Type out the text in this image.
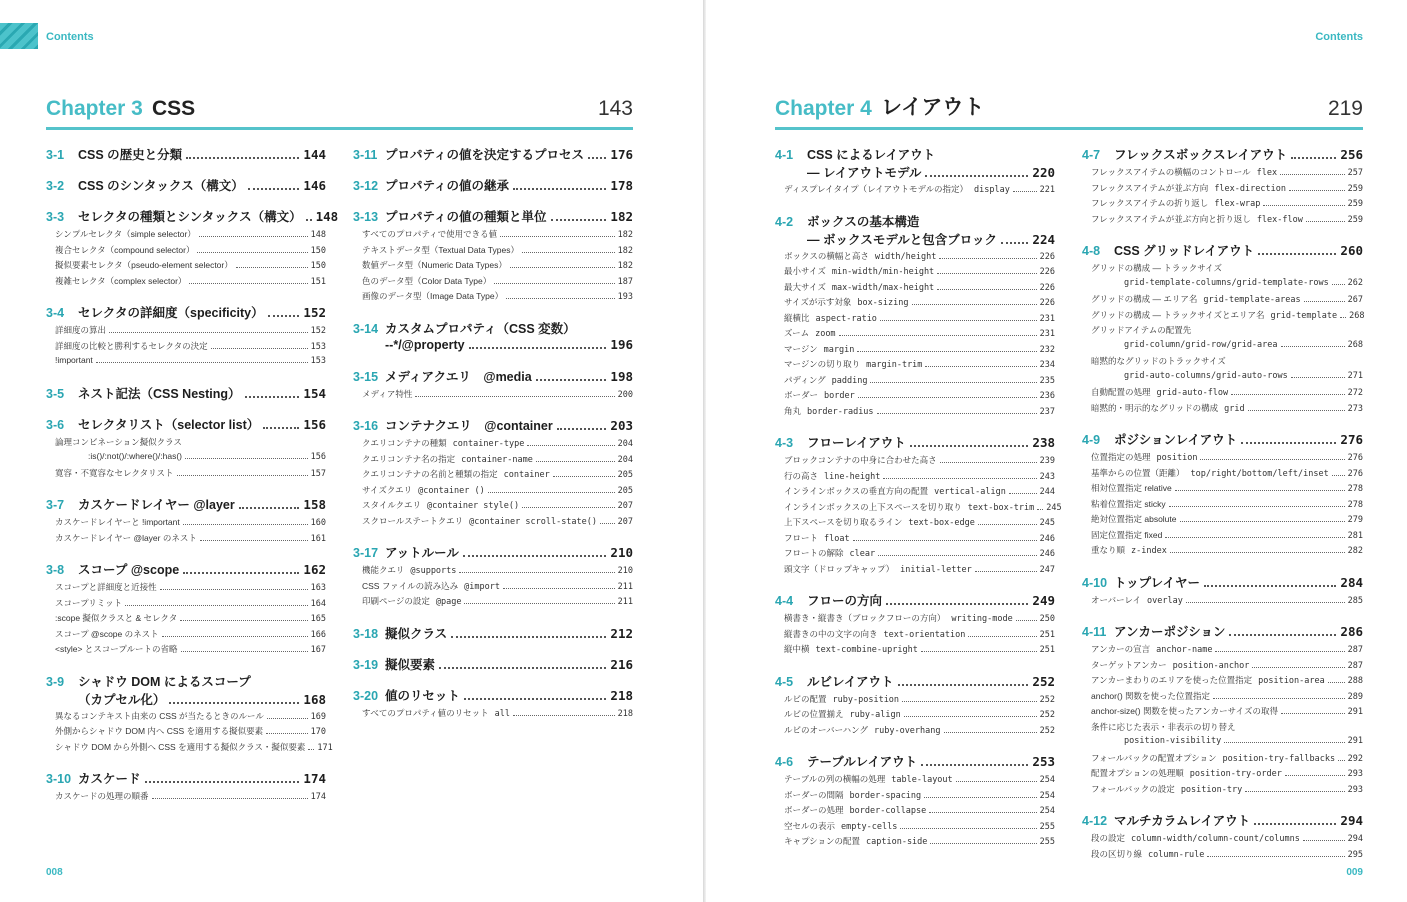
Contents
Chapter 3 CSS	143
3-1	CSS の歴史と分類	144
3-2	CSS のシンタックス（構文）	146
3-3	セレクタの種類とシンタックス（構文） 148
シンプルセレクタ（simple selector）	148
複合セレクタ（compound selector）	150
擬似要素セレクタ（pseudo-element selector）	150
複雑セレクタ（complex selector）	151
3-4	セレクタの詳細度（specificity）	152
詳細度の算出	152
詳細度の比較と勝利するセレクタの決定	153
!important	153
3-5	ネスト記法（CSS Nesting）	154
3-6	セレクタリスト（selector list）	156
論理コンビネーション擬似クラス
:is()/:not()/:where()/:has()	156
寛容・不寛容なセレクタリスト	157
3-7	カスケードレイヤー @layer	158
カスケードレイヤーと !important	160
カスケードレイヤー @layer のネスト	161
3-8	スコープ @scope	162
スコープと詳細度と近接性	163
スコープリミット	164
:scope 擬似クラスと & セレクタ	165
スコープ @scope のネスト	166
<style> とスコープルートの省略	167
3-9	シャドウ DOM によるスコープ
（カプセル化）	168
異なるコンテキスト由来の CSS が当たるときのルール	169
外側からシャドウ DOM 内へ CSS を適用する擬似要素	170
シャドウ DOM から外側へ CSS を適用する擬似クラス・擬似要素 171
3-10 カスケード	174
カスケードの処理の順番	174
3-11 プロパティの値を決定するプロセス 176
3-12 プロパティの値の継承	178
3-13 プロパティの値の種類と単位	182
すべてのプロパティで使用できる値	182
テキストデータ型（Textual Data Types）	182
数値データ型（Numeric Data Types）	182
色のデータ型（Color Data Type）	187
画像のデータ型（Image Data Type）	193
3-14 カスタムプロパティ（CSS 変数）
--*/@property	196
3-15 メディアクエリ　@media	198
メディア特性	200
3-16 コンテナクエリ　@container	203
クエリコンテナの種類 container-type	204
クエリコンテナ名の指定 container-name	204
クエリコンテナの名前と種類の指定 container	205
サイズクエリ @container ()	205
スタイルクエリ @container style()	207
スクロールステートクエリ @container scroll-state() 207
3-17 アットルール	210
機能クエリ @supports	210
CSS ファイルの読み込み @import	211
印刷ページの設定 @page	211
3-18 擬似クラス	212
3-19 擬似要素	216
3-20 値のリセット	218
すべてのプロパティ値のリセット all	218
008
Contents
Chapter 4 レイアウト	219
4-1	CSS によるレイアウト
― レイアウトモデル	220
ディスプレイタイプ（レイアウトモデルの指定） display	221
4-2	ボックスの基本構造
― ボックスモデルと包含ブロック	224
ボックスの横幅と高さ width/height	226
最小サイズ min-width/min-height	226
最大サイズ max-width/max-height	226
サイズが示す対象 box-sizing	226
縦横比 aspect-ratio	231
ズーム zoom	231
マージン margin	232
マージンの切り取り margin-trim	234
パディング padding	235
ボーダー border	236
角丸 border-radius	237
4-3	フローレイアウト	238
ブロックコンテナの中身に合わせた高さ	239
行の高さ line-height	243
インラインボックスの垂直方向の配置 vertical-align	244
インラインボックスの上下スペースを切り取り text-box-trim 245
上下スペースを切り取るライン text-box-edge	245
フロート float	246
フロートの解除 clear	246
頭文字（ドロップキャップ） initial-letter	247
4-4	フローの方向	249
横書き・縦書き（ブロックフローの方向） writing-mode	250
縦書きの中の文字の向き text-orientation	251
縦中横 text-combine-upright	251
4-5	ルビレイアウト	252
ルビの配置 ruby-position	252
ルビの位置揃え ruby-align	252
ルビのオーバーハング ruby-overhang	252
4-6	テーブルレイアウト	253
テーブルの列の横幅の処理 table-layout	254
ボーダーの間隔 border-spacing	254
ボーダーの処理 border-collapse	254
空セルの表示 empty-cells	255
キャプションの配置 caption-side	255
4-7	フレックスボックスレイアウト	256
フレックスアイテムの横幅のコントロール flex	257
フレックスアイテムが並ぶ方向 flex-direction	259
フレックスアイテムの折り返し flex-wrap	259
フレックスアイテムが並ぶ方向と折り返し flex-flow	259
4-8	CSS グリッドレイアウト	260
グリッドの構成 ― トラックサイズ
grid-template-columns/grid-template-rows 262
グリッドの構成 ― エリア名 grid-template-areas	267
グリッドの構成 ― トラックサイズとエリア名 grid-template 268
グリッドアイテムの配置先
grid-column/grid-row/grid-area	268
暗黙的なグリッドのトラックサイズ
grid-auto-columns/grid-auto-rows	271
自動配置の処理 grid-auto-flow	272
暗黙的・明示的なグリッドの構成 grid	273
4-9	ポジションレイアウト	276
位置指定の処理 position	276
基準からの位置（距離） top/right/bottom/left/inset 276
相対位置指定 relative	278
粘着位置指定 sticky	278
絶対位置指定 absolute	279
固定位置指定 fixed	281
重なり順 z-index	282
4-10 トップレイヤー	284
オーバーレイ overlay	285
4-11 アンカーポジション	286
アンカーの宣言 anchor-name	287
ターゲットアンカー position-anchor	287
アンカーまわりのエリアを使った位置指定 position-area	288
anchor() 関数を使った位置指定	289
anchor-size() 関数を使ったアンカーサイズの取得	291
条件に応じた表示・非表示の切り替え
position-visibility	291
フォールバックの配置オプション position-try-fallbacks 292
配置オプションの処理順 position-try-order	293
フォールバックの設定 position-try	293
4-12 マルチカラムレイアウト	294
段の設定 column-width/column-count/columns	294
段の区切り線 column-rule	295
009
